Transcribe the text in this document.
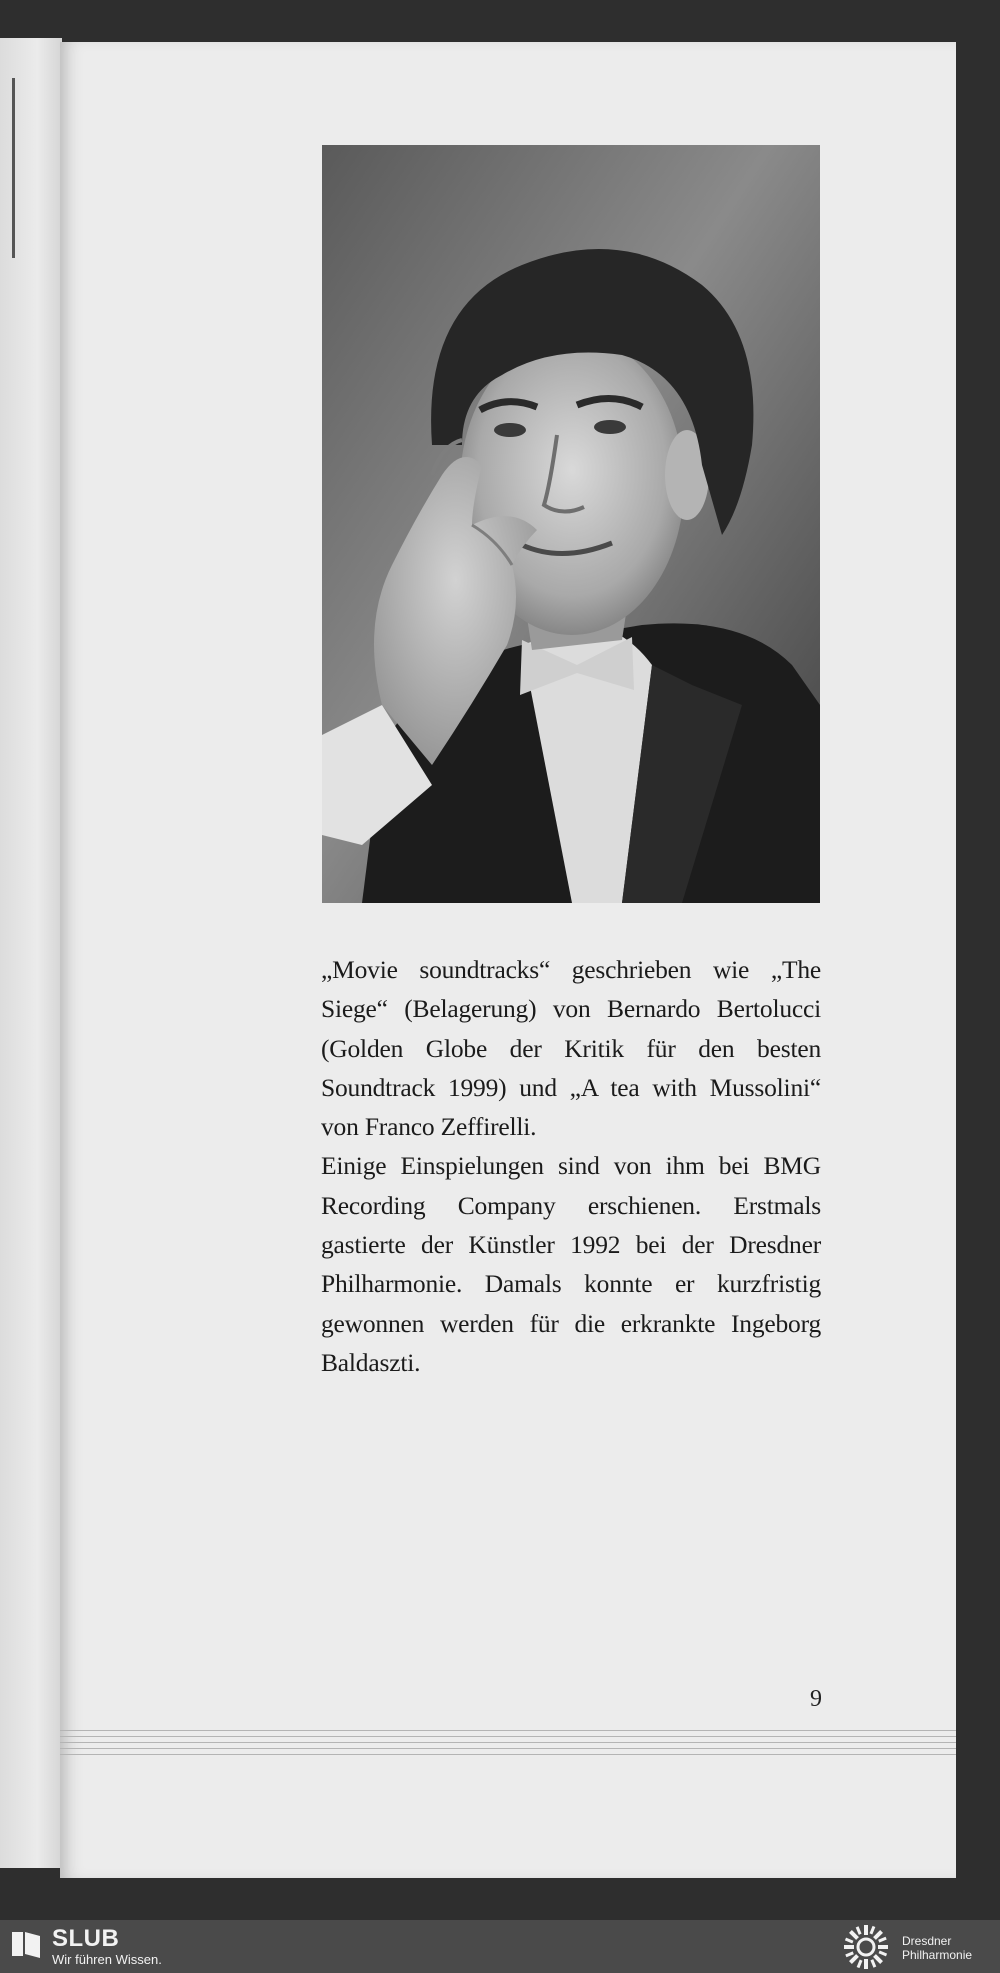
„Movie soundtracks“ geschrieben wie „The Siege“ (Belagerung) von Bernardo Bertolucci (Golden Globe der Kritik für den besten Soundtrack 1999) und „A tea with Mussolini“ von Franco Zeffirelli.

Einige Einspielungen sind von ihm bei BMG Recording Company erschienen. Erstmals gastierte der Künstler 1992 bei der Dresdner Philharmonie. Damals konnte er kurzfristig gewonnen werden für die erkrankte Ingeborg Baldaszti.

9
SLUB
Wir führen Wissen.
Dresdner
Philharmonie
